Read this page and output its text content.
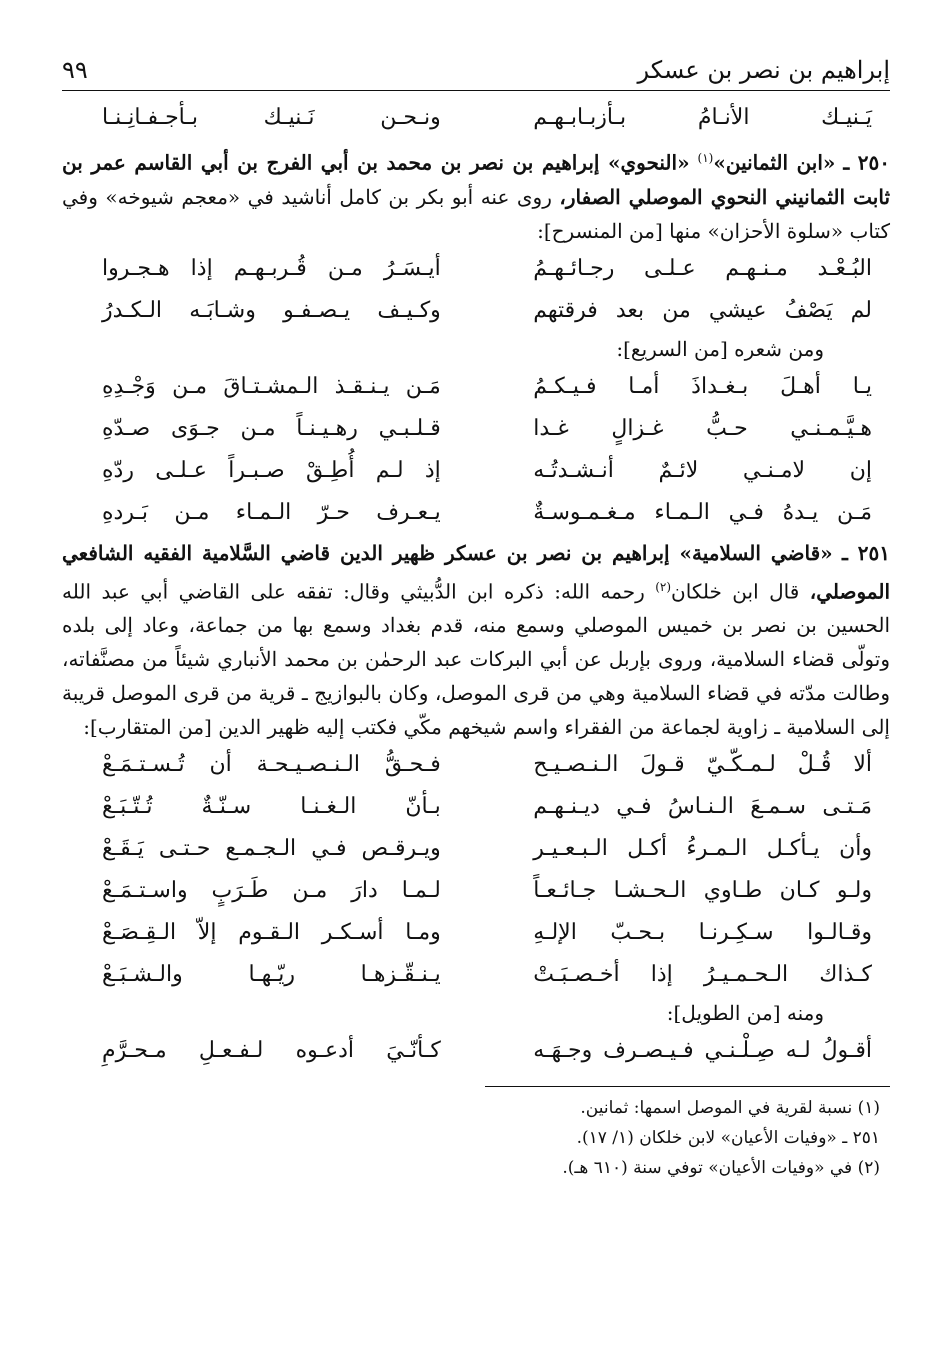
إبراهيم بن نصر بن عسكر
٩٩
يَـنيـك الأنـامُ بـأزبـابـهـم
ونـحـن نَـنيـك بـأجـفـانِـنـا
٢٥٠ ـ «ابن الثمانين»$^{(١)}$ «النحوي» إبراهيم بن نصر بن محمد بن أبي الفرج بن أبي القاسم عمر بن ثابت الثمانيني النحوي الموصلي الصفار، روى عنه أبو بكر بن كامل أناشيد في «معجم شيوخه» وفي كتاب «سلوة الأحزان» منها [من المنسرح]:
البُـعْـد مـنـهـم عـلـى رجـائـهـمُ
أيـسَـرُ مـن قُـربـهـم إذا هـجـروا
لم يَصْفُ عيشي من بعد فرقتهم
وكـيـف يـصـفـو وشـابَـه الـكـدرُ
ومن شعره [من السريع]:
يـا أهـلَ بـغـداذَ أمـا فـيـكـمُ
مَـن يـنـقـذ الـمشـتـاقَ مـن وَجْـدِهِ
هـيَّـمـنـي حـبُّ غـزالٍ غـدا
قـلـبـي رهـيـنـاً مـن جـوَى صـدّهِ
إن لامـنـي لائـمٌ أنـشـدتُـه
إذ لـم أُطِـقْ صـبـراً عـلـى ردّهِ
مَـن يـدهُ فـي الـمـاء مـغـمـوسـةٌ
يـعـرف حـرّ الـمـاء مـن بَـردهِ
٢٥١ ـ «قاضي السلامية» إبراهيم بن نصر بن عسكر ظهير الدين قاضي السَّلامية الفقيه الشافعي الموصلي، قال ابن خلكان$^{(٢)}$ رحمه الله: ذكره ابن الدُّبيثي وقال: تفقه على القاضي أبي عبد الله الحسين بن نصر بن خميس الموصلي وسمع منه، قدم بغداد وسمع بها من جماعة، وعاد إلى بلده وتولّى قضاء السلامية، وروى بإربل عن أبي البركات عبد الرحمٰن بن محمد الأنباري شيئاً من مصنَّفاته، وطالت مدّته في قضاء السلامية وهي من قرى الموصل، وكان بالبوازيج ـ قرية من قرى الموصل قريبة إلى السلامية ـ زاوية لجماعة من الفقراء واسم شيخهم مكّي فكتب إليه ظهير الدين [من المتقارب]:
ألا قُـلْ لـمـكّـيّ قـولَ الـنـصـيـح
فـحـقُّ الـنـصـيـحـة أن تُـسـتـمَـعْ
مَـتـى سـمـعَ الـنـاسُ فـي ديـنـهـم
بـأنّ الـغـنـا سـنّـةٌ تُـتّـبَـعْ
وأن يـأكـل الـمـرءُ أكـل الـبـعـيـر
ويـرقـص فـي الـجـمـع حـتـى يَـقَـعْ
ولـو كـان طـاوي الـحـشـا جـائـعـاً
لـمـا دارَ مـن طَـرَبٍ واسـتـمَـعْ
وقـالـوا سـكِـرنـا بـحـبّ الإلـهِ
ومـا أسـكـر الـقـوم إلاّ الـقِـصَـعْ
كـذاك الـحـمـيـرُ إذا أخـصـبَـتْ
يـنـقّـزهـا ريّـهـا والـشـبَـعْ
ومنه [من الطويل]:
أقـولُ لـه صِـلْـنـي فـيـصـرف وجـهَـه
كـأنّـيَ أدعـوه لـفـعـلِ مـحـرَّمِ
(١) نسبة لقرية في الموصل اسمها: ثمانين.
٢٥١ ـ «وفيات الأعيان» لابن خلكان (١/ ١٧).
(٢) في «وفيات الأعيان» توفي سنة (٦١٠ هـ).
